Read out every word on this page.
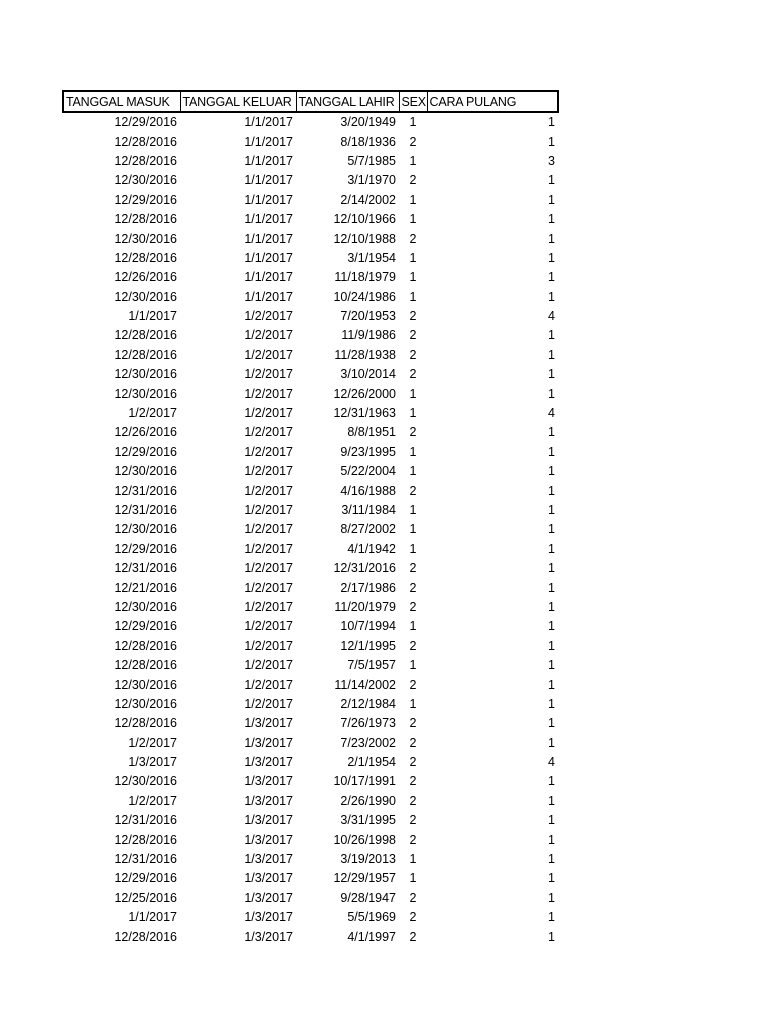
TANGGAL MASUK	TANGGAL KELUAR	TANGGAL LAHIR	SEX	CARA PULANG
12/29/2016	1/1/2017	3/20/1949	1	1
12/28/2016	1/1/2017	8/18/1936	2	1
12/28/2016	1/1/2017	5/7/1985	1	3
12/30/2016	1/1/2017	3/1/1970	2	1
12/29/2016	1/1/2017	2/14/2002	1	1
12/28/2016	1/1/2017	12/10/1966	1	1
12/30/2016	1/1/2017	12/10/1988	2	1
12/28/2016	1/1/2017	3/1/1954	1	1
12/26/2016	1/1/2017	11/18/1979	1	1
12/30/2016	1/1/2017	10/24/1986	1	1
1/1/2017	1/2/2017	7/20/1953	2	4
12/28/2016	1/2/2017	11/9/1986	2	1
12/28/2016	1/2/2017	11/28/1938	2	1
12/30/2016	1/2/2017	3/10/2014	2	1
12/30/2016	1/2/2017	12/26/2000	1	1
1/2/2017	1/2/2017	12/31/1963	1	4
12/26/2016	1/2/2017	8/8/1951	2	1
12/29/2016	1/2/2017	9/23/1995	1	1
12/30/2016	1/2/2017	5/22/2004	1	1
12/31/2016	1/2/2017	4/16/1988	2	1
12/31/2016	1/2/2017	3/11/1984	1	1
12/30/2016	1/2/2017	8/27/2002	1	1
12/29/2016	1/2/2017	4/1/1942	1	1
12/31/2016	1/2/2017	12/31/2016	2	1
12/21/2016	1/2/2017	2/17/1986	2	1
12/30/2016	1/2/2017	11/20/1979	2	1
12/29/2016	1/2/2017	10/7/1994	1	1
12/28/2016	1/2/2017	12/1/1995	2	1
12/28/2016	1/2/2017	7/5/1957	1	1
12/30/2016	1/2/2017	11/14/2002	2	1
12/30/2016	1/2/2017	2/12/1984	1	1
12/28/2016	1/3/2017	7/26/1973	2	1
1/2/2017	1/3/2017	7/23/2002	2	1
1/3/2017	1/3/2017	2/1/1954	2	4
12/30/2016	1/3/2017	10/17/1991	2	1
1/2/2017	1/3/2017	2/26/1990	2	1
12/31/2016	1/3/2017	3/31/1995	2	1
12/28/2016	1/3/2017	10/26/1998	2	1
12/31/2016	1/3/2017	3/19/2013	1	1
12/29/2016	1/3/2017	12/29/1957	1	1
12/25/2016	1/3/2017	9/28/1947	2	1
1/1/2017	1/3/2017	5/5/1969	2	1
12/28/2016	1/3/2017	4/1/1997	2	1
